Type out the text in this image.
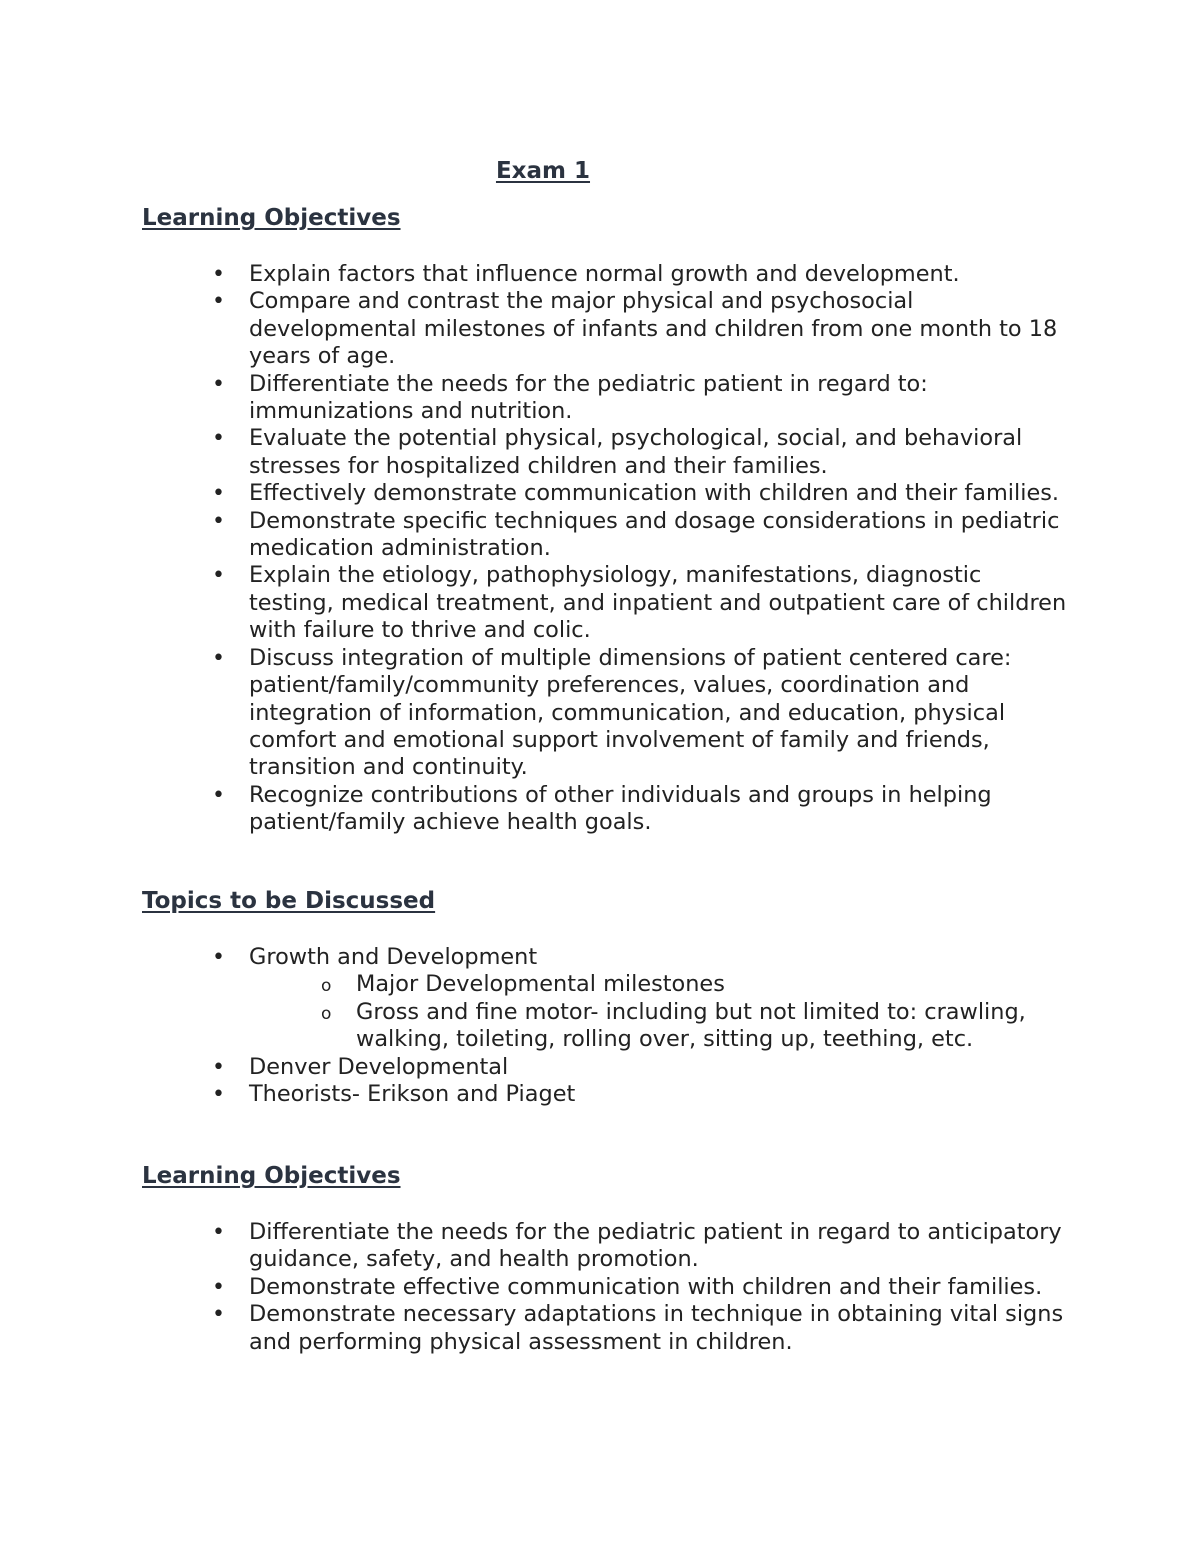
Exam 1
Learning Objectives
• Explain factors that influence normal growth and development.
• Compare and contrast the major physical and psychosocial developmental milestones of infants and children from one month to 18 years of age.
• Differentiate the needs for the pediatric patient in regard to: immunizations and nutrition.
• Evaluate the potential physical, psychological, social, and behavioral stresses for hospitalized children and their families.
• Effectively demonstrate communication with children and their families.
• Demonstrate specific techniques and dosage considerations in pediatric medication administration.
• Explain the etiology, pathophysiology, manifestations, diagnostic testing, medical treatment, and inpatient and outpatient care of children with failure to thrive and colic.
• Discuss integration of multiple dimensions of patient centered care: patient/family/community preferences, values, coordination and integration of information, communication, and education, physical comfort and emotional support involvement of family and friends, transition and continuity.
• Recognize contributions of other individuals and groups in helping patient/family achieve health goals.
Topics to be Discussed
• Growth and Development
o Major Developmental milestones
o Gross and fine motor- including but not limited to: crawling, walking, toileting, rolling over, sitting up, teething, etc.
• Denver Developmental
• Theorists- Erikson and Piaget
Learning Objectives
• Differentiate the needs for the pediatric patient in regard to anticipatory guidance, safety, and health promotion.
• Demonstrate effective communication with children and their families.
• Demonstrate necessary adaptations in technique in obtaining vital signs and performing physical assessment in children.
